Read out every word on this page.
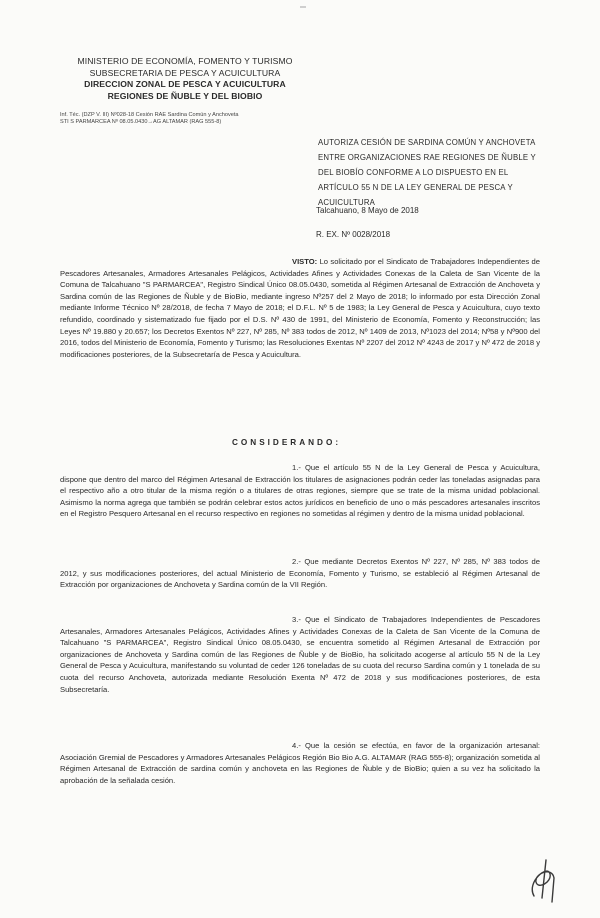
MINISTERIO DE ECONOMÍA, FOMENTO Y TURISMO
SUBSECRETARIA DE PESCA Y ACUICULTURA
DIRECCION ZONAL DE PESCA Y ACUICULTURA
REGIONES DE ÑUBLE Y DEL BIOBIO
Inf. Téc. (DZP V. III) Nº028-18 Cesión RAE Sardina Común y Anchoveta
STI S PARMARCEA Nº 08.05.0430→AG ALTAMAR (RAG 555-8)
AUTORIZA CESIÓN DE SARDINA COMÚN Y ANCHOVETA ENTRE ORGANIZACIONES RAE REGIONES DE ÑUBLE Y DEL BIOBÍO CONFORME A LO DISPUESTO EN EL ARTÍCULO 55 N DE LA LEY GENERAL DE PESCA Y ACUICULTURA
Talcahuano, 8 Mayo de 2018
R. EX. Nº 0028/2018
VISTO: Lo solicitado por el Sindicato de Trabajadores Independientes de Pescadores Artesanales, Armadores Artesanales Pelágicos, Actividades Afines y Actividades Conexas de la Caleta de San Vicente de la Comuna de Talcahuano "S PARMARCEA", Registro Sindical Único 08.05.0430, sometida al Régimen Artesanal de Extracción de Anchoveta y Sardina común de las Regiones de Ñuble y de BioBio, mediante ingreso Nº257 del 2 Mayo de 2018; lo informado por esta Dirección Zonal mediante Informe Técnico Nº 28/2018, de fecha 7 Mayo de 2018; el D.F.L. Nº 5 de 1983; la Ley General de Pesca y Acuicultura, cuyo texto refundido, coordinado y sistematizado fue fijado por el D.S. Nº 430 de 1991, del Ministerio de Economía, Fomento y Reconstrucción; las Leyes Nº 19.880 y 20.657; los Decretos Exentos Nº 227, Nº 285, Nº 383 todos de 2012, Nº 1409 de 2013, Nº1023 del 2014; Nº58 y Nº900 del 2016, todos del Ministerio de Economía, Fomento y Turismo; las Resoluciones Exentas Nº 2207 del 2012 Nº 4243 de 2017 y Nº 472 de 2018 y modificaciones posteriores, de la Subsecretaría de Pesca y Acuicultura.
CONSIDERANDO:
1.- Que el artículo 55 N de la Ley General de Pesca y Acuicultura, dispone que dentro del marco del Régimen Artesanal de Extracción los titulares de asignaciones podrán ceder las toneladas asignadas para el respectivo año a otro titular de la misma región o a titulares de otras regiones, siempre que se trate de la misma unidad poblacional. Asimismo la norma agrega que también se podrán celebrar estos actos jurídicos en beneficio de uno o más pescadores artesanales inscritos en el Registro Pesquero Artesanal en el recurso respectivo en regiones no sometidas al régimen y dentro de la misma unidad poblacional.
2.- Que mediante Decretos Exentos Nº 227, Nº 285, Nº 383 todos de 2012, y sus modificaciones posteriores, del actual Ministerio de Economía, Fomento y Turismo, se estableció al Régimen Artesanal de Extracción por organizaciones de Anchoveta y Sardina común de la VII Región.
3.- Que el Sindicato de Trabajadores Independientes de Pescadores Artesanales, Armadores Artesanales Pelágicos, Actividades Afines y Actividades Conexas de la Caleta de San Vicente de la Comuna de Talcahuano "S PARMARCEA", Registro Sindical Único 08.05.0430, se encuentra sometido al Régimen Artesanal de Extracción por organizaciones de Anchoveta y Sardina común de las Regiones de Ñuble y de BioBio, ha solicitado acogerse al artículo 55 N de la Ley General de Pesca y Acuicultura, manifestando su voluntad de ceder 126 toneladas de su cuota del recurso Sardina común y 1 tonelada de su cuota del recurso Anchoveta, autorizada mediante Resolución Exenta Nº 472 de 2018 y sus modificaciones posteriores, de esta Subsecretaría.
4.- Que la cesión se efectúa, en favor de la organización artesanal: Asociación Gremial de Pescadores y Armadores Artesanales Pelágicos Región Bio Bio A.G. ALTAMAR (RAG 555-8); organización sometida al Régimen Artesanal de Extracción de sardina común y anchoveta en las Regiones de Ñuble y de BioBio; quien a su vez ha solicitado la aprobación de la señalada cesión.
